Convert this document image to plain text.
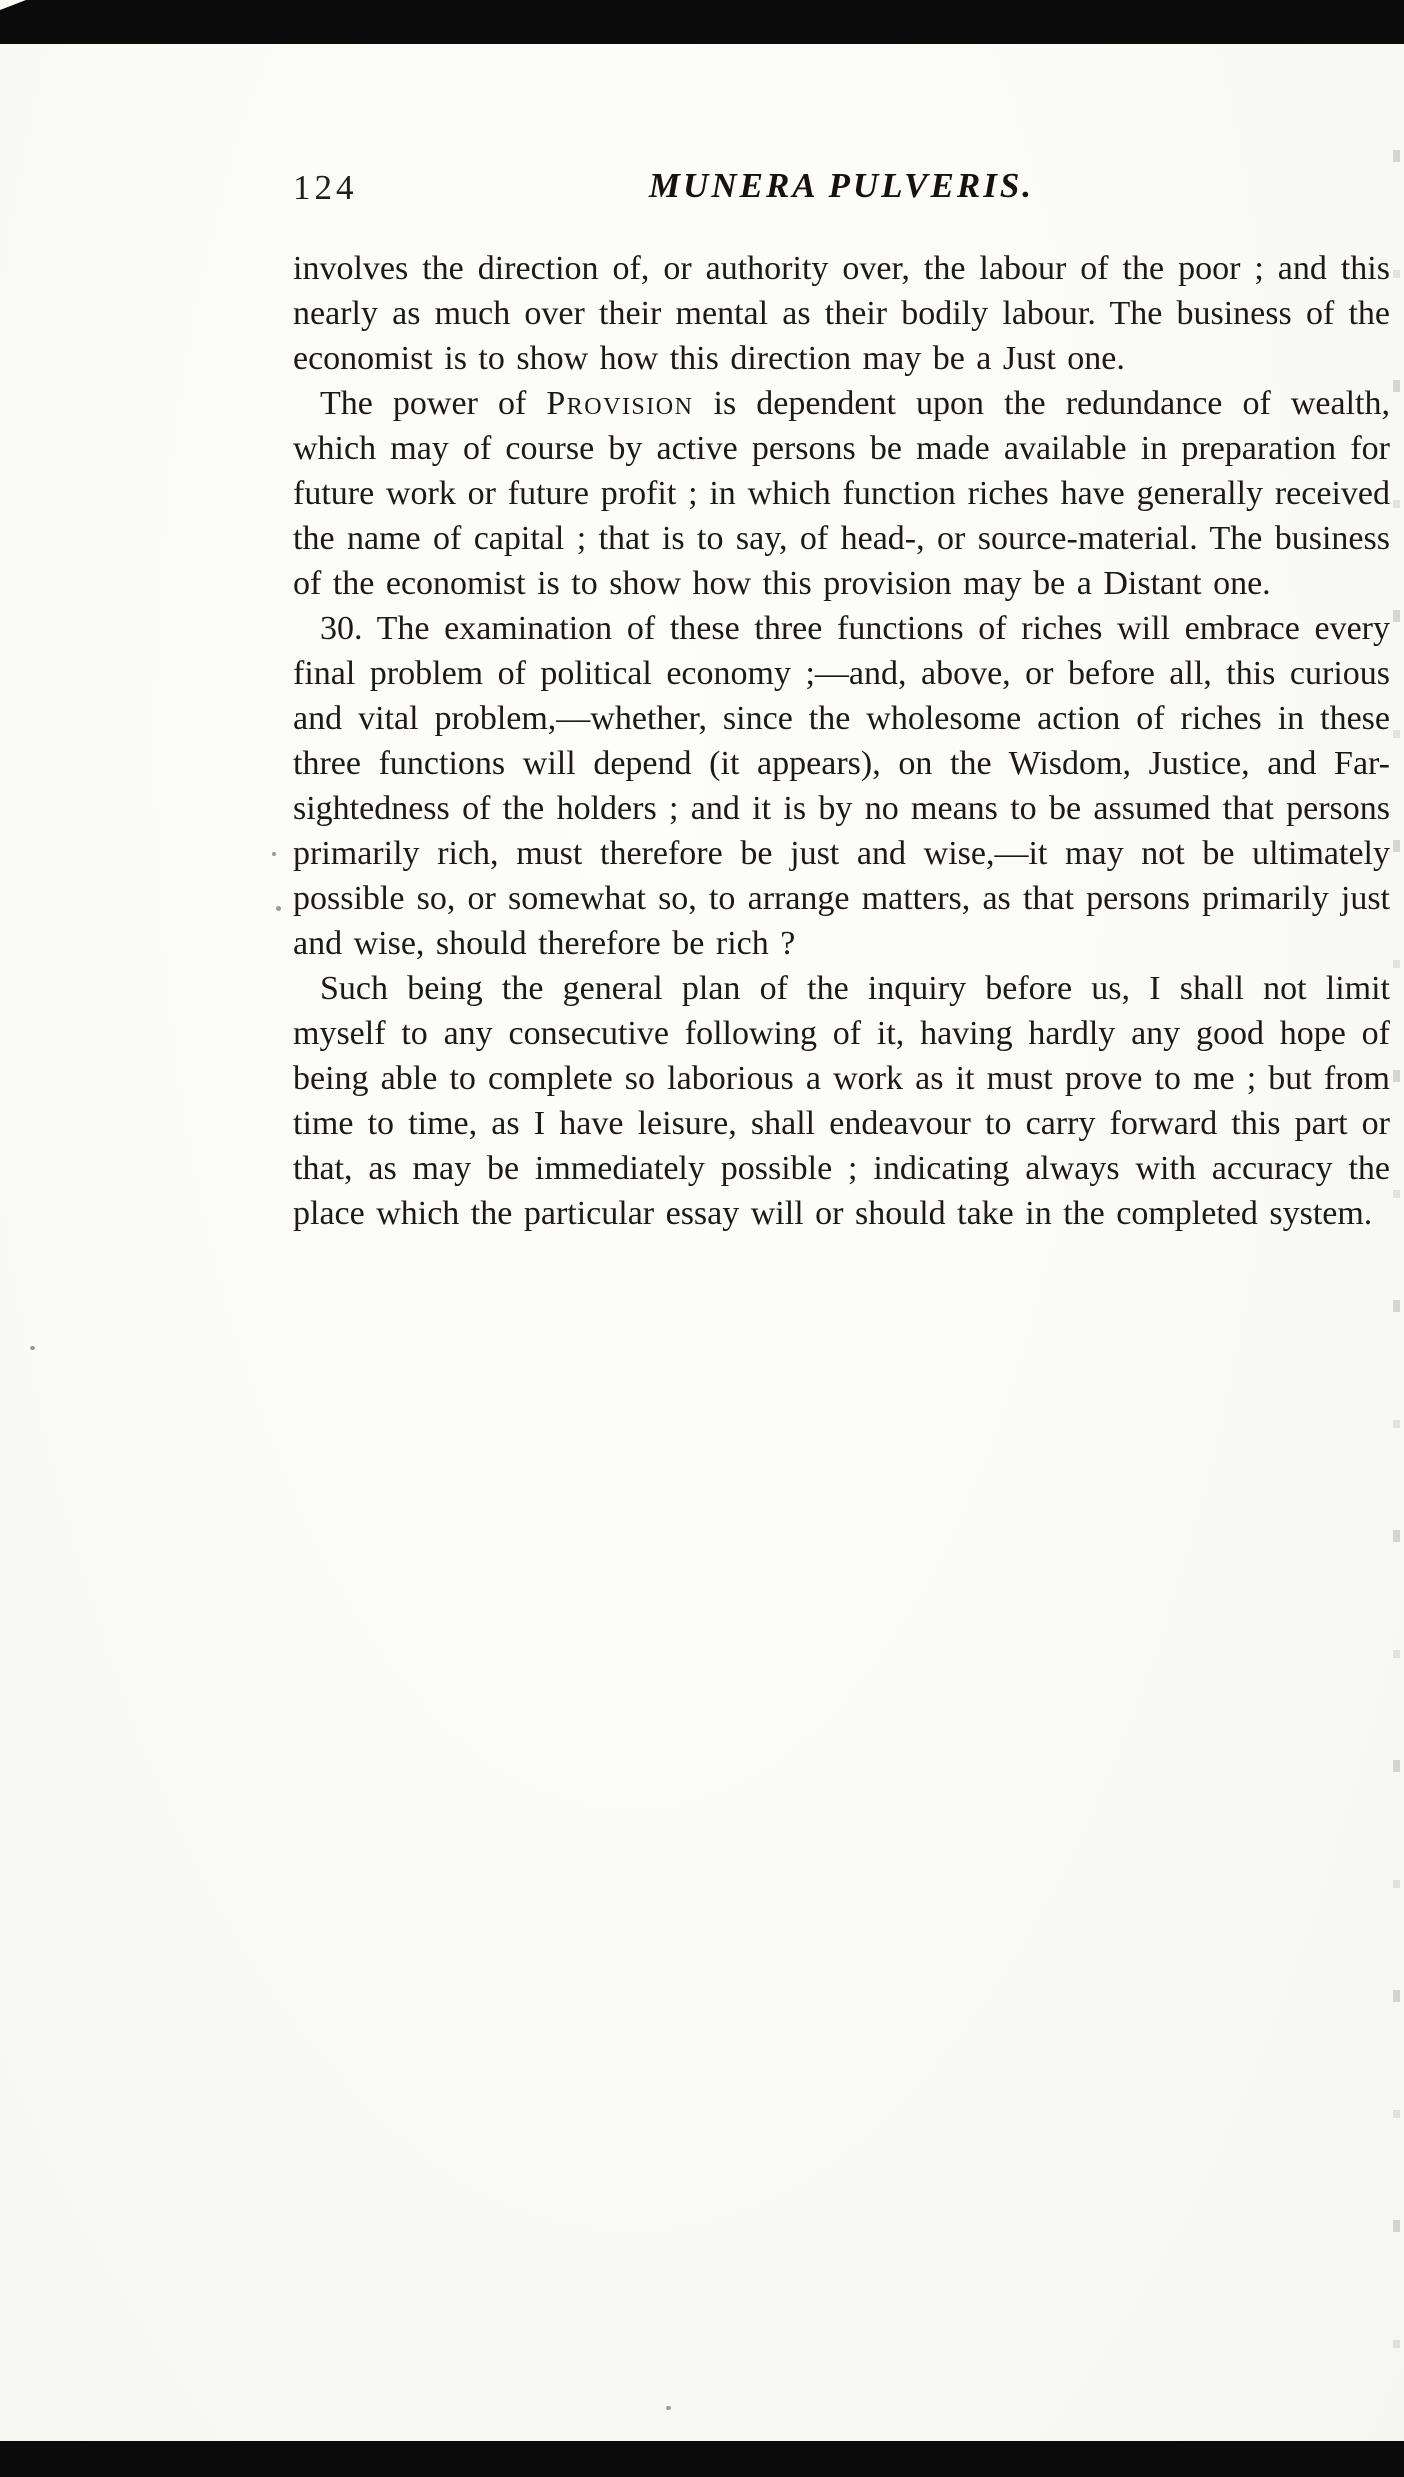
124	MUNERA PULVERIS.

involves the direction of, or authority over, the labour of the poor ; and this nearly as much over their mental as their bodily labour. The business of the economist is to show how this direction may be a Just one.

The power of Provision is dependent upon the redundance of wealth, which may of course by active persons be made available in preparation for future work or future profit ; in which function riches have generally received the name of capital ; that is to say, of head-, or source-material. The business of the economist is to show how this provision may be a Distant one.

30. The examination of these three functions of riches will embrace every final problem of political economy ;—and, above, or before all, this curious and vital problem,—whether, since the wholesome action of riches in these three functions will depend (it appears), on the Wisdom, Justice, and Far-sightedness of the holders ; and it is by no means to be assumed that persons primarily rich, must therefore be just and wise,—it may not be ultimately possible so, or somewhat so, to arrange matters, as that persons primarily just and wise, should therefore be rich ?

Such being the general plan of the inquiry before us, I shall not limit myself to any consecutive following of it, having hardly any good hope of being able to complete so laborious a work as it must prove to me ; but from time to time, as I have leisure, shall endeavour to carry forward this part or that, as may be immediately possible ; indicating always with accuracy the place which the particular essay will or should take in the completed system.
